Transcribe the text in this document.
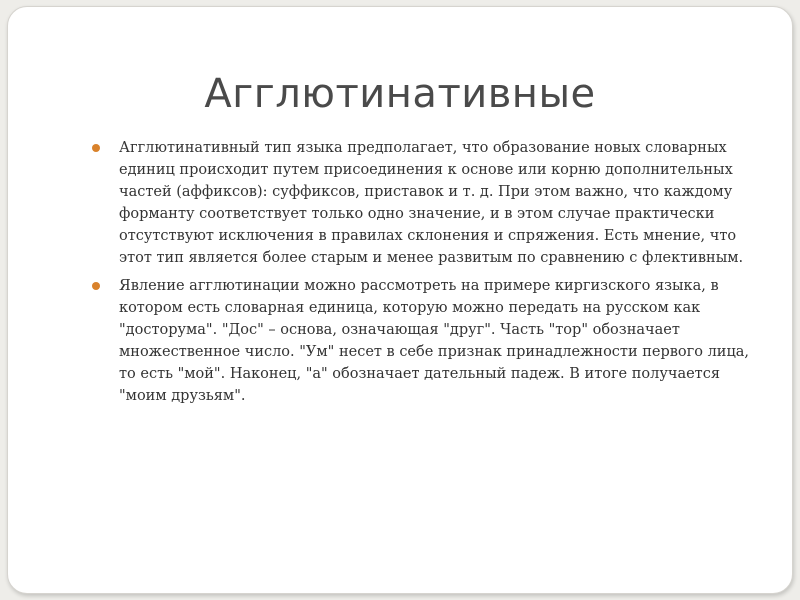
Агглютинативные
Агглютинативный тип языка предполагает, что образование новых словарных единиц происходит путем присоединения к основе или корню дополнительных частей (аффиксов): суффиксов, приставок и т. д. При этом важно, что каждому форманту соответствует только одно значение, и в этом случае практически отсутствуют исключения в правилах склонения и спряжения. Есть мнение, что этот тип является более старым и менее развитым по сравнению с флективным.
Явление агглютинации можно рассмотреть на примере киргизского языка, в котором есть словарная единица, которую можно передать на русском как "досторума". "Дос" – основа, означающая "друг". Часть "тор" обозначает множественное число. "Ум" несет в себе признак принадлежности первого лица, то есть "мой". Наконец, "а" обозначает дательный падеж. В итоге получается "моим друзьям".
